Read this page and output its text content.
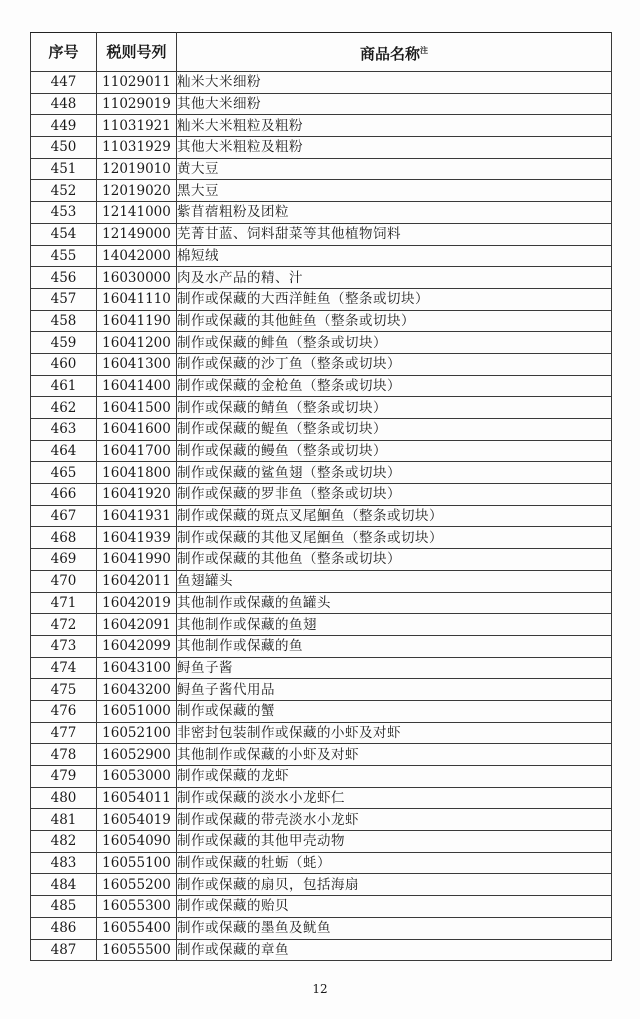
序号	税则号列	商品名称$^注$
447	11029011	籼米大米细粉
448	11029019	其他大米细粉
449	11031921	籼米大米粗粒及粗粉
450	11031929	其他大米粗粒及粗粉
451	12019010	黄大豆
452	12019020	黑大豆
453	12141000	紫苜蓿粗粉及团粒
454	12149000	芜菁甘蓝、饲料甜菜等其他植物饲料
455	14042000	棉短绒
456	16030000	肉及水产品的精、汁
457	16041110	制作或保藏的大西洋鲑鱼（整条或切块）
458	16041190	制作或保藏的其他鲑鱼（整条或切块）
459	16041200	制作或保藏的鲱鱼（整条或切块）
460	16041300	制作或保藏的沙丁鱼（整条或切块）
461	16041400	制作或保藏的金枪鱼（整条或切块）
462	16041500	制作或保藏的鲭鱼（整条或切块）
463	16041600	制作或保藏的鳀鱼（整条或切块）
464	16041700	制作或保藏的鳗鱼（整条或切块）
465	16041800	制作或保藏的鲨鱼翅（整条或切块）
466	16041920	制作或保藏的罗非鱼（整条或切块）
467	16041931	制作或保藏的斑点叉尾鮰鱼（整条或切块）
468	16041939	制作或保藏的其他叉尾鮰鱼（整条或切块）
469	16041990	制作或保藏的其他鱼（整条或切块）
470	16042011	鱼翅罐头
471	16042019	其他制作或保藏的鱼罐头
472	16042091	其他制作或保藏的鱼翅
473	16042099	其他制作或保藏的鱼
474	16043100	鲟鱼子酱
475	16043200	鲟鱼子酱代用品
476	16051000	制作或保藏的蟹
477	16052100	非密封包装制作或保藏的小虾及对虾
478	16052900	其他制作或保藏的小虾及对虾
479	16053000	制作或保藏的龙虾
480	16054011	制作或保藏的淡水小龙虾仁
481	16054019	制作或保藏的带壳淡水小龙虾
482	16054090	制作或保藏的其他甲壳动物
483	16055100	制作或保藏的牡蛎（蚝）
484	16055200	制作或保藏的扇贝，包括海扇
485	16055300	制作或保藏的贻贝
486	16055400	制作或保藏的墨鱼及鱿鱼
487	16055500	制作或保藏的章鱼
12
